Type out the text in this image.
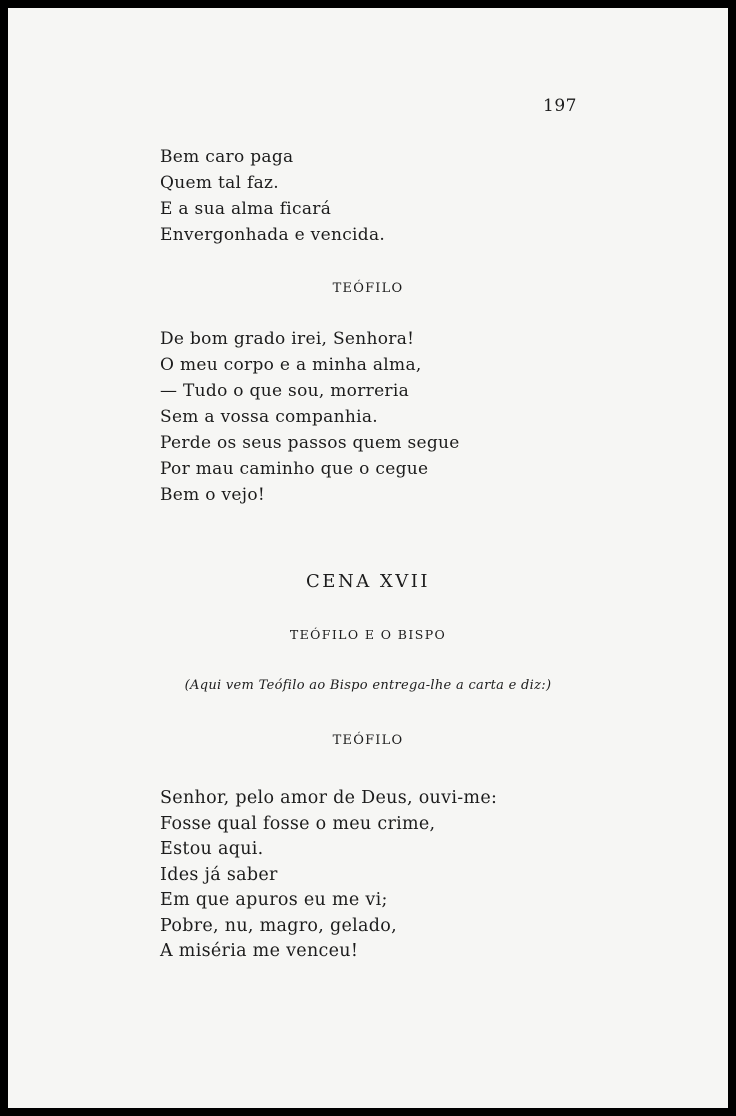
197
Bem caro paga
Quem tal faz.
E a sua alma ficará
Envergonhada e vencida.
TEÓFILO
De bom grado irei, Senhora!
O meu corpo e a minha alma,
— Tudo o que sou, morreria
Sem a vossa companhia.
Perde os seus passos quem segue
Por mau caminho que o cegue
Bem o vejo!
CENA XVII
TEÓFILO E O BISPO
(Aqui vem Teófilo ao Bispo entrega-lhe a carta e diz:)
TEÓFILO
Senhor, pelo amor de Deus, ouvi-me:
Fosse qual fosse o meu crime,
Estou aqui.
Ides já saber
Em que apuros eu me vi;
Pobre, nu, magro, gelado,
A miséria me venceu!
